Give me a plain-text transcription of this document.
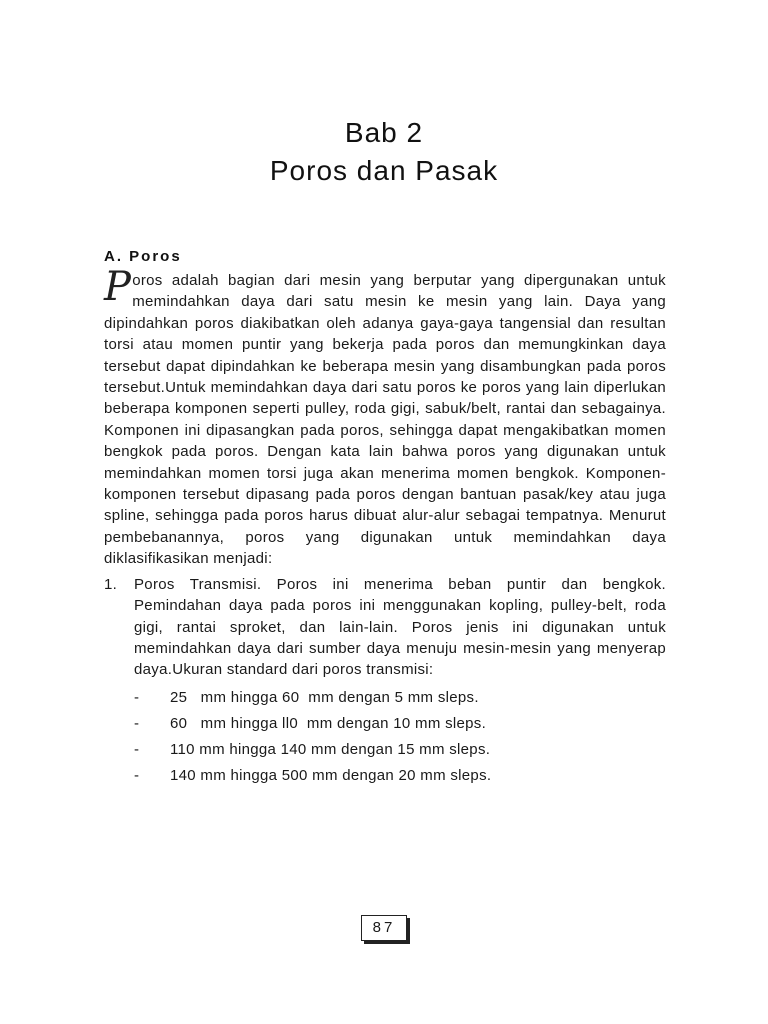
Bab 2
Poros dan Pasak
A. Poros

Poros adalah bagian dari mesin yang berputar yang dipergunakan untuk memindahkan daya dari satu mesin ke mesin yang lain. Daya yang dipindahkan poros diakibatkan oleh adanya gaya-gaya tangensial dan resultan torsi atau momen puntir yang bekerja pada poros dan memungkinkan daya tersebut dapat dipindahkan ke beberapa mesin yang disambungkan pada poros tersebut.Untuk memindahkan daya dari satu poros ke poros yang lain diperlukan beberapa komponen seperti pulley, roda gigi, sabuk/belt, rantai dan sebagainya. Komponen ini dipasangkan pada poros, sehingga dapat mengakibatkan momen bengkok pada poros. Dengan kata lain bahwa poros yang digunakan untuk memindahkan momen torsi juga akan menerima momen bengkok. Komponen-komponen tersebut dipasang pada poros dengan bantuan pasak/key atau juga spline, sehingga pada poros harus dibuat alur-alur sebagai tempatnya. Menurut pembebanannya, poros yang digunakan untuk memindahkan daya diklasifikasikan menjadi:

1. Poros Transmisi. Poros ini menerima beban puntir dan bengkok. Pemindahan daya pada poros ini menggunakan kopling, pulley-belt, roda gigi, rantai sproket, dan lain-lain. Poros jenis ini digunakan untuk memindahkan daya dari sumber daya menuju mesin-mesin yang menyerap daya.Ukuran standard dari poros transmisi:
- 25   mm hingga 60  mm dengan 5 mm sleps.
- 60   mm hingga ll0  mm dengan 10 mm sleps.
- 110 mm hingga 140 mm dengan 15 mm sleps.
- 140 mm hingga 500 mm dengan 20 mm sleps.
87
